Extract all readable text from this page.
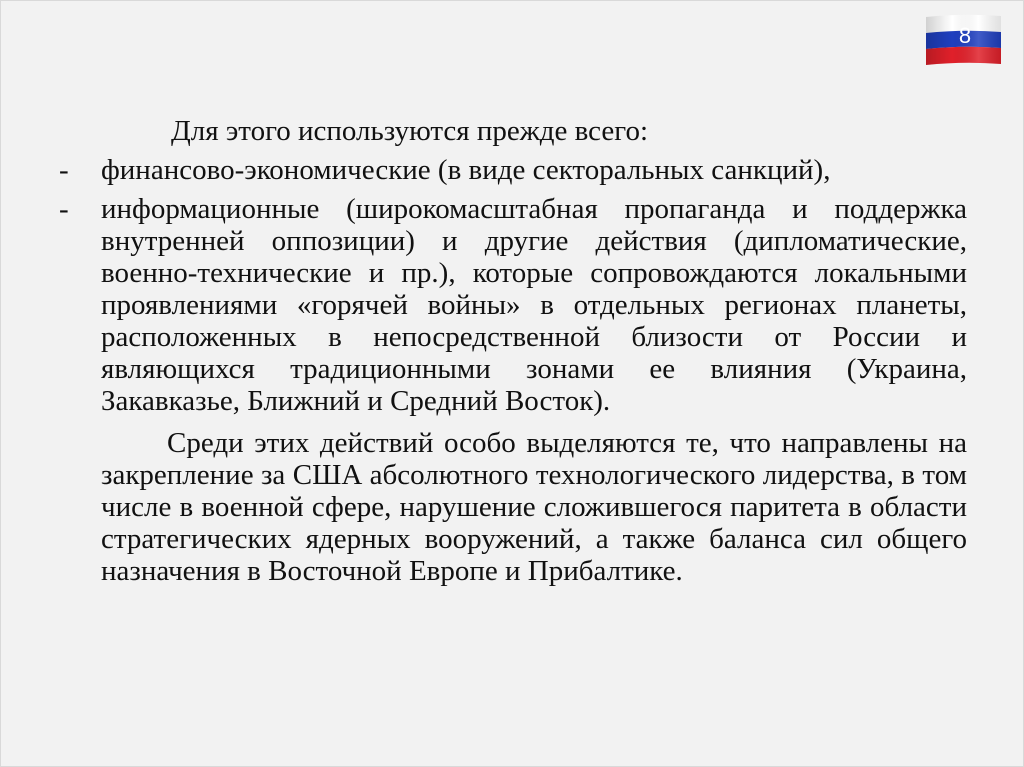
8

Для этого используются прежде всего:

- финансово-экономические (в виде секторальных санкций),
- информационные (широкомасштабная пропаганда и поддержка внутренней оппозиции) и другие действия (дипломатические, военно-технические и пр.), которые сопровождаются локальными проявлениями «горячей войны» в отдельных регионах планеты, расположенных в непосредственной близости от России и являющихся традиционными зонами ее влияния (Украина, Закавказье, Ближний и Средний Восток).

Среди этих действий особо выделяются те, что направлены на закрепление за США абсолютного технологического лидерства, в том числе в военной сфере, нарушение сложившегося паритета в области стратегических ядерных вооружений, а также баланса сил общего назначения в Восточной Европе и Прибалтике.
